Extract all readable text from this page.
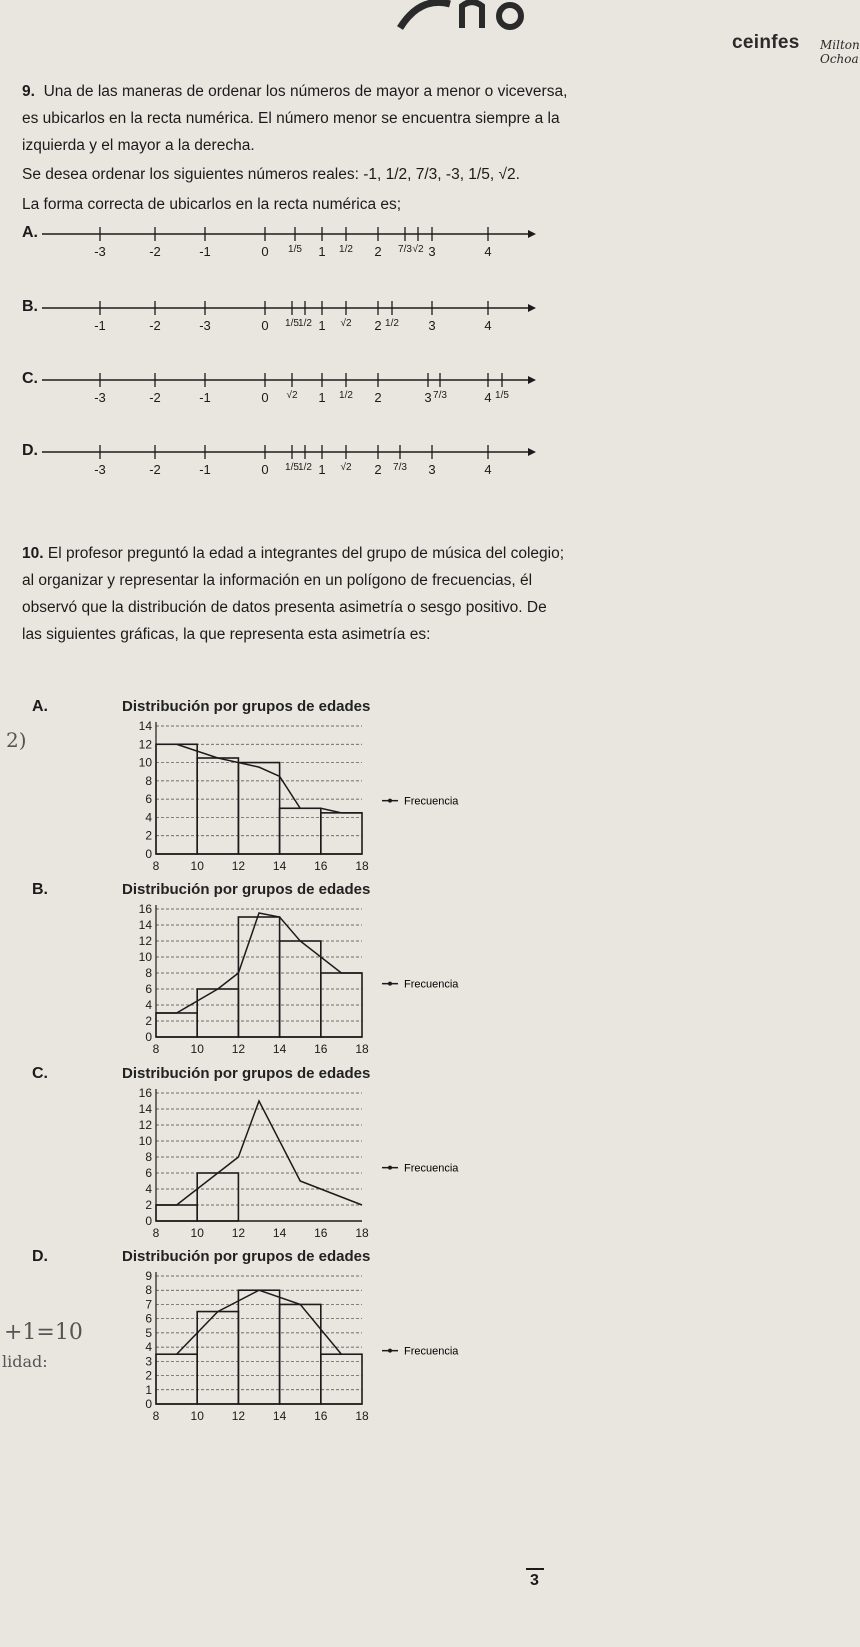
ceinfes Milton Ochoa

9. Una de las maneras de ordenar los números de mayor a menor o viceversa, es ubicarlos en la recta numérica. El número menor se encuentra siempre a la izquierda y el mayor a la derecha.

Se desea ordenar los siguientes números reales: -1, 1/2, 7/3, -3, 1/5, √2.
La forma correcta de ubicarlos en la recta numérica es;
A.
-3	-2	-1	0 1/5 1 1/2 2 7/3 √2 3	4
B.
-1	-2	-3	0 1/5 1/2 1 √2 2 1/2 3	4
C.
-3	-2	-1	0 √2 1 1/2 2	3 7/3	4 1/5
D.
-3	-2	-1	0 1/5 1/2 1 √2 2 7/3 3	4
10. El profesor preguntó la edad a integrantes del grupo de música del colegio; al organizar y representar la información en un polígono de frecuencias, él observó que la distribución de datos presenta asimetría o sesgo positivo. De las siguientes gráficas, la que representa esta asimetría es:
A.	Distribución por grupos de edades
0
2
4
6
8
10
12
14
8	10 12 14 16 18
Frecuencia
B.	Distribución por grupos de edades
0
2
4
6
8
10
12
14
16
8	10 12 14 16 18
Frecuencia
C.	Distribución por grupos de edades
0
2
4
6
8
10
12
14
16
8	10 12 14 16 18
Frecuencia
D.	Distribución por grupos de edades
0
1
2
3
4
5
6
7
8
9
8	10 12 14 16 18
Frecuencia
2)
+1=10
lidad:
3
